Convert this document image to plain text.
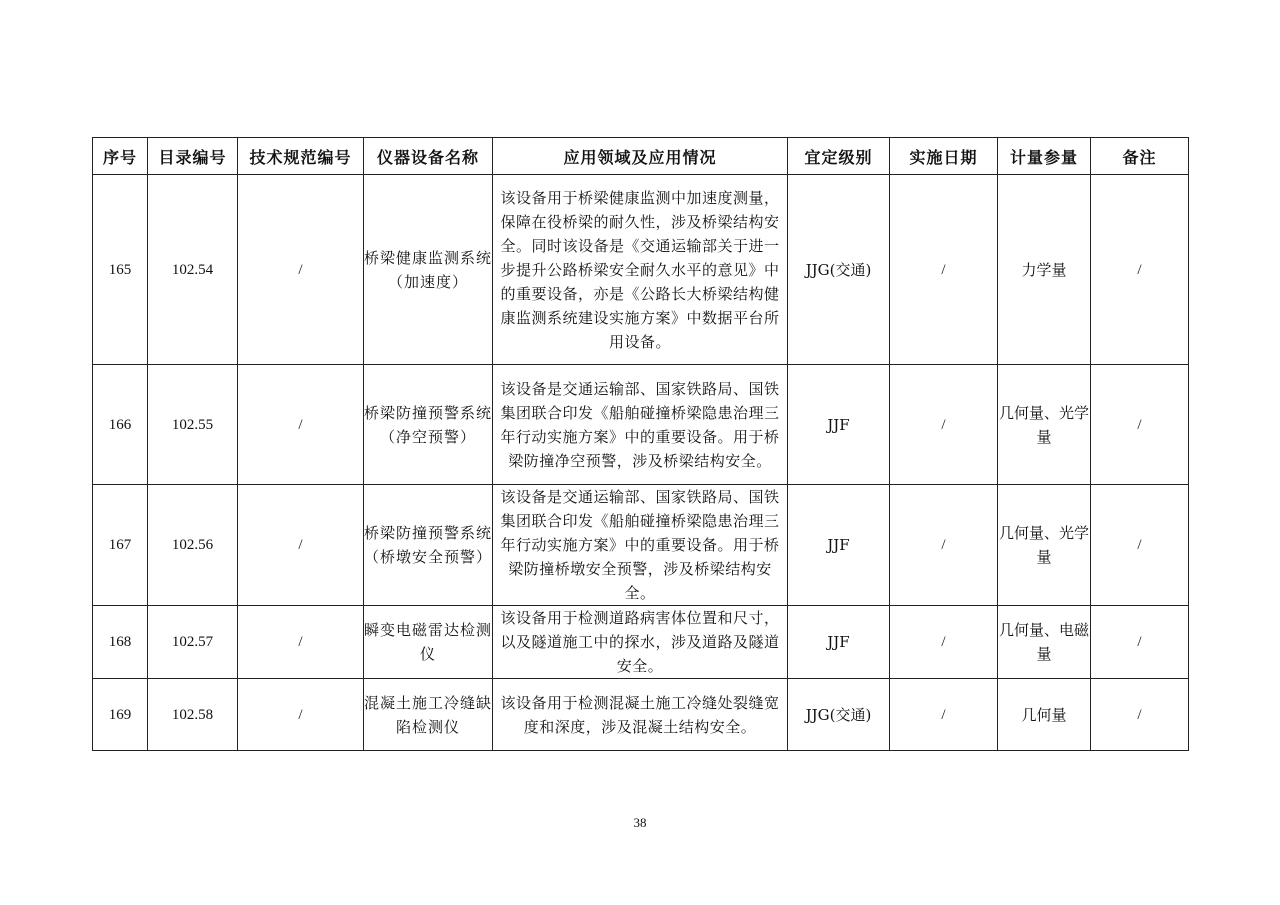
序号	目录编号	技术规范编号	仪器设备名称	应用领域及应用情况	宜定级别	实施日期	计量参量	备注
165	102.54	/	桥梁健康监测系统（加速度）	该设备用于桥梁健康监测中加速度测量，保障在役桥梁的耐久性，涉及桥梁结构安全。同时该设备是《交通运输部关于进一步提升公路桥梁安全耐久水平的意见》中的重要设备，亦是《公路长大桥梁结构健康监测系统建设实施方案》中数据平台所用设备。	JJG(交通)	/	力学量	/
166	102.55	/	桥梁防撞预警系统（净空预警）	该设备是交通运输部、国家铁路局、国铁集团联合印发《船舶碰撞桥梁隐患治理三年行动实施方案》中的重要设备。用于桥梁防撞净空预警，涉及桥梁结构安全。	JJF	/	几何量、光学量	/
167	102.56	/	桥梁防撞预警系统（桥墩安全预警）	该设备是交通运输部、国家铁路局、国铁集团联合印发《船舶碰撞桥梁隐患治理三年行动实施方案》中的重要设备。用于桥梁防撞桥墩安全预警，涉及桥梁结构安全。	JJF	/	几何量、光学量	/
168	102.57	/	瞬变电磁雷达检测仪	该设备用于检测道路病害体位置和尺寸，以及隧道施工中的探水，涉及道路及隧道安全。	JJF	/	几何量、电磁量	/
169	102.58	/	混凝土施工冷缝缺陷检测仪	该设备用于检测混凝土施工冷缝处裂缝宽度和深度，涉及混凝土结构安全。	JJG(交通)	/	几何量	/
38
